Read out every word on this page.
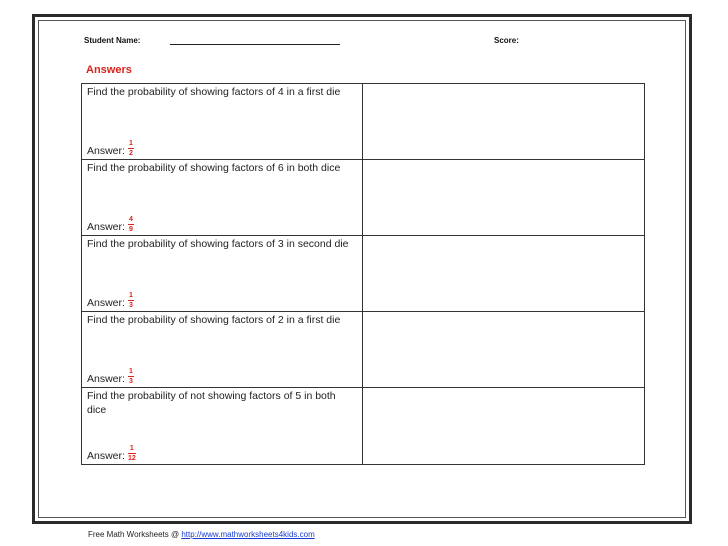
Student Name:	Score:
Answers
Find the probability of showing factors of 4 in a first die
Answer: $\frac{1}{2}$
Find the probability of showing factors of 6 in both dice
Answer: $\frac{4}{9}$
Find the probability of showing factors of 3 in second die
Answer: $\frac{1}{3}$
Find the probability of showing factors of 2 in a first die
Answer: $\frac{1}{3}$
Find the probability of not showing factors of 5 in both dice
Answer: $\frac{1}{12}$
Free Math Worksheets @ http://www.mathworksheets4kids.com
